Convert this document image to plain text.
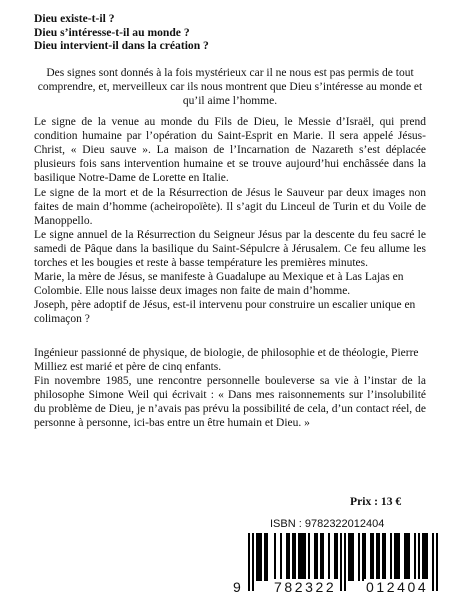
Dieu existe-t-il ?
Dieu s’intéresse-t-il au monde ?
Dieu intervient-il dans la création ?

Des signes sont donnés à la fois mystérieux car il ne nous est pas permis de tout comprendre, et, merveilleux car ils nous montrent que Dieu s’intéresse au monde et qu’il aime l’homme.

Le signe de la venue au monde du Fils de Dieu, le Messie d’Israël, qui prend condition humaine par l’opération du Saint-Esprit en Marie. Il sera appelé Jésus-Christ, « Dieu sauve ». La maison de l’Incarnation de Nazareth s’est déplacée plusieurs fois sans intervention humaine et se trouve aujourd’hui enchâssée dans la basilique Notre-Dame de Lorette en Italie.

Le signe de la mort et de la Résurrection de Jésus le Sauveur par deux images non faites de main d’homme (acheiropoïète). Il s’agit du Linceul de Turin et du Voile de Manoppello.

Le signe annuel de la Résurrection du Seigneur Jésus par la descente du feu sacré le samedi de Pâque dans la basilique du Saint-Sépulcre à Jérusalem. Ce feu allume les torches et les bougies et reste à basse température les premières minutes.

Marie, la mère de Jésus, se manifeste à Guadalupe au Mexique et à Las Lajas en Colombie. Elle nous laisse deux images non faite de main d’homme.

Joseph, père adoptif de Jésus, est-il intervenu pour construire un escalier unique en colimaçon ?

Ingénieur passionné de physique, de biologie, de philosophie et de théologie, Pierre Milliez est marié et père de cinq enfants.

Fin novembre 1985, une rencontre personnelle bouleverse sa vie à l’instar de la philosophe Simone Weil qui écrivait : « Dans mes raisonnements sur l’insolubilité du problème de Dieu, je n’avais pas prévu la possibilité de cela, d’un contact réel, de personne à personne, ici-bas entre un être humain et Dieu. »

Prix : 13 €
ISBN : 9782322012404
9 782322 012404
